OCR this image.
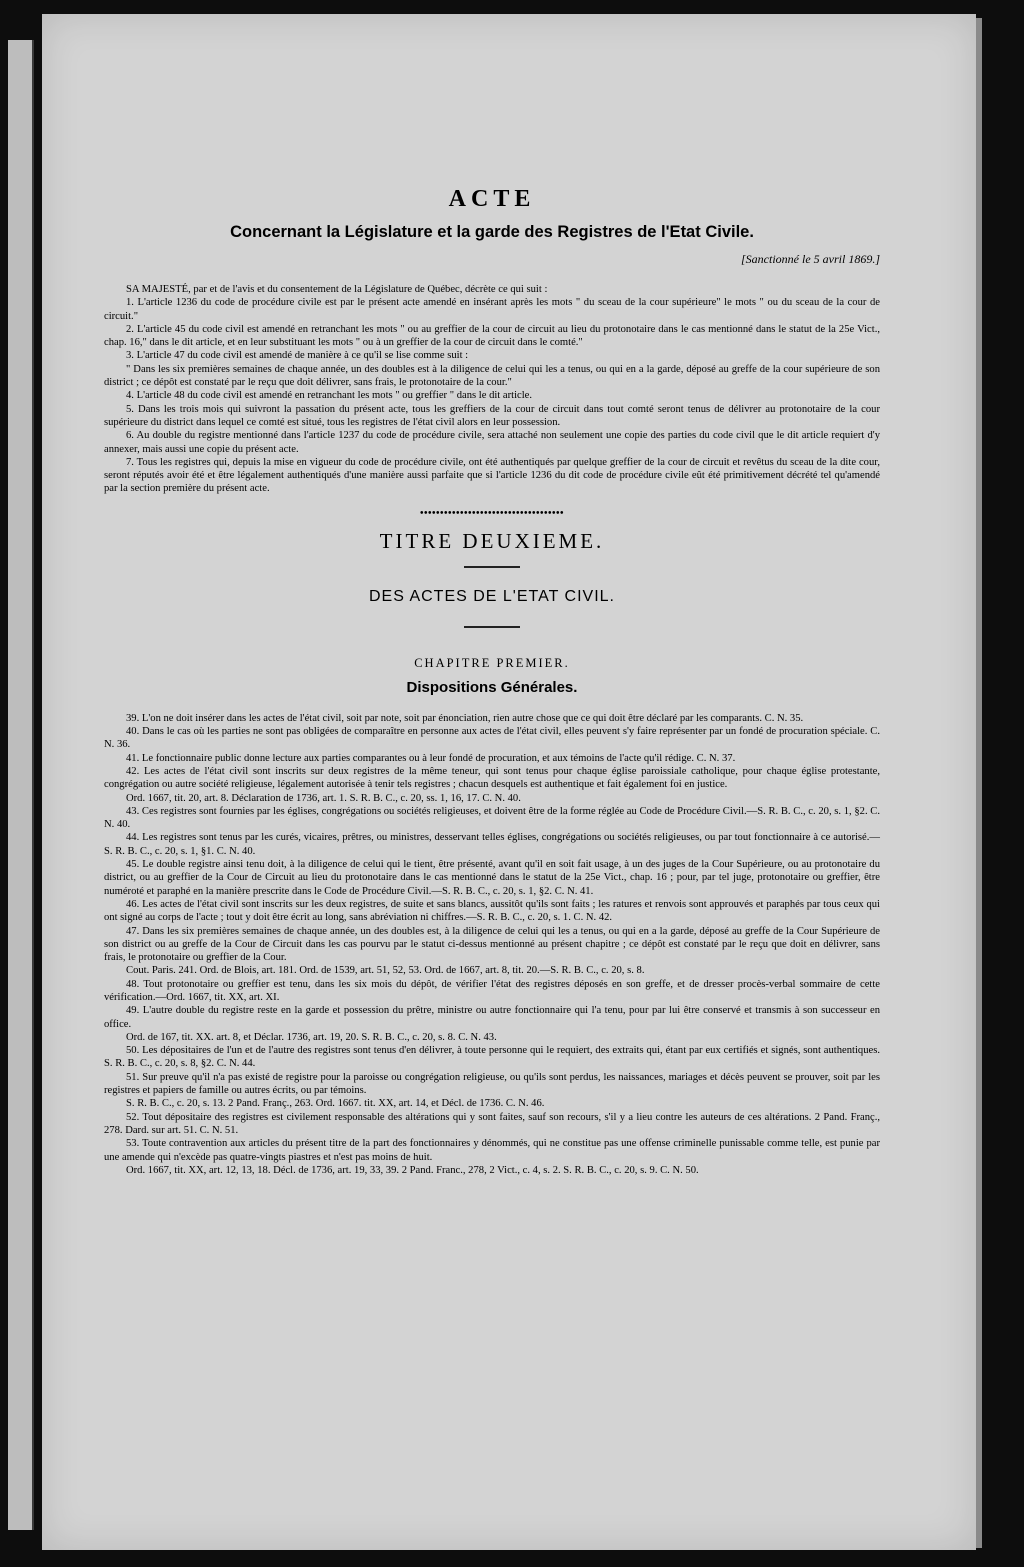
ACTE
Concernant la Législature et la garde des Registres de l'Etat Civile.
[Sanctionné le 5 avril 1869.]

SA MAJESTÉ, par et de l'avis et du consentement de la Législature de Québec, décrète ce qui suit :

1. L'article 1236 du code de procédure civile est par le présent acte amendé en insérant après les mots " du sceau de la cour supérieure" le mots " ou du sceau de la cour de circuit."

2. L'article 45 du code civil est amendé en retranchant les mots " ou au greffier de la cour de circuit au lieu du protonotaire dans le cas mentionné dans le statut de la 25e Vict., chap. 16," dans le dit article, et en leur substituant les mots " ou à un greffier de la cour de circuit dans le comté."

3. L'article 47 du code civil est amendé de manière à ce qu'il se lise comme suit :

" Dans les six premières semaines de chaque année, un des doubles est à la diligence de celui qui les a tenus, ou qui en a la garde, déposé au greffe de la cour supérieure de son district ; ce dépôt est constaté par le reçu que doit délivrer, sans frais, le protonotaire de la cour."

4. L'article 48 du code civil est amendé en retranchant les mots " ou greffier " dans le dit article.

5. Dans les trois mois qui suivront la passation du présent acte, tous les greffiers de la cour de circuit dans tout comté seront tenus de délivrer au protonotaire de la cour supérieure du district dans lequel ce comté est situé, tous les registres de l'état civil alors en leur possession.

6. Au double du registre mentionné dans l'article 1237 du code de procédure civile, sera attaché non seulement une copie des parties du code civil que le dit article requiert d'y annexer, mais aussi une copie du présent acte.

7. Tous les registres qui, depuis la mise en vigueur du code de procédure civile, ont été authentiqués par quelque greffier de la cour de circuit et revêtus du sceau de la dite cour, seront réputés avoir été et être légalement authentiqués d'une manière aussi parfaite que si l'article 1236 du dit code de procédure civile eût été primitivement décrété tel qu'amendé par la section première du présent acte.

••••••••••••••••••••••••••••••••••••
TITRE DEUXIEME.
DES ACTES DE L'ETAT CIVIL.
CHAPITRE PREMIER.
Dispositions Générales.

39. L'on ne doit insérer dans les actes de l'état civil, soit par note, soit par énonciation, rien autre chose que ce qui doit être déclaré par les comparants. C. N. 35.

40. Dans le cas où les parties ne sont pas obligées de comparaître en personne aux actes de l'état civil, elles peuvent s'y faire représenter par un fondé de procuration spéciale. C. N. 36.

41. Le fonctionnaire public donne lecture aux parties comparantes ou à leur fondé de procuration, et aux témoins de l'acte qu'il rédige. C. N. 37.

42. Les actes de l'état civil sont inscrits sur deux registres de la même teneur, qui sont tenus pour chaque église paroissiale catholique, pour chaque église protestante, congrégation ou autre société religieuse, légalement autorisée à tenir tels registres ; chacun desquels est authentique et fait également foi en justice.

Ord. 1667, tit. 20, art. 8. Déclaration de 1736, art. 1. S. R. B. C., c. 20, ss. 1, 16, 17. C. N. 40.

43. Ces registres sont fournies par les églises, congrégations ou sociétés religieuses, et doivent être de la forme réglée au Code de Procédure Civil.—S. R. B. C., c. 20, s. 1, §2. C. N. 40.

44. Les registres sont tenus par les curés, vicaires, prêtres, ou ministres, desservant telles églises, congrégations ou sociétés religieuses, ou par tout fonctionnaire à ce autorisé.—S. R. B. C., c. 20, s. 1, §1. C. N. 40.

45. Le double registre ainsi tenu doit, à la diligence de celui qui le tient, être présenté, avant qu'il en soit fait usage, à un des juges de la Cour Supérieure, ou au protonotaire du district, ou au greffier de la Cour de Circuit au lieu du protonotaire dans le cas mentionné dans le statut de la 25e Vict., chap. 16 ; pour, par tel juge, protonotaire ou greffier, être numéroté et paraphé en la manière prescrite dans le Code de Procédure Civil.—S. R. B. C., c. 20, s. 1, §2. C. N. 41.

46. Les actes de l'état civil sont inscrits sur les deux registres, de suite et sans blancs, aussitôt qu'ils sont faits ; les ratures et renvois sont approuvés et paraphés par tous ceux qui ont signé au corps de l'acte ; tout y doit être écrit au long, sans abréviation ni chiffres.—S. R. B. C., c. 20, s. 1. C. N. 42.

47. Dans les six premières semaines de chaque année, un des doubles est, à la diligence de celui qui les a tenus, ou qui en a la garde, déposé au greffe de la Cour Supérieure de son district ou au greffe de la Cour de Circuit dans les cas pourvu par le statut ci-dessus mentionné au présent chapitre ; ce dépôt est constaté par le reçu que doit en délivrer, sans frais, le protonotaire ou greffier de la Cour.

Cout. Paris. 241. Ord. de Blois, art. 181. Ord. de 1539, art. 51, 52, 53. Ord. de 1667, art. 8, tit. 20.—S. R. B. C., c. 20, s. 8.

48. Tout protonotaire ou greffier est tenu, dans les six mois du dépôt, de vérifier l'état des registres déposés en son greffe, et de dresser procès-verbal sommaire de cette vérification.—Ord. 1667, tit. XX, art. XI.

49. L'autre double du registre reste en la garde et possession du prêtre, ministre ou autre fonctionnaire qui l'a tenu, pour par lui être conservé et transmis à son successeur en office.

Ord. de 167, tit. XX. art. 8, et Déclar. 1736, art. 19, 20. S. R. B. C., c. 20, s. 8. C. N. 43.

50. Les dépositaires de l'un et de l'autre des registres sont tenus d'en délivrer, à toute personne qui le requiert, des extraits qui, étant par eux certifiés et signés, sont authentiques. S. R. B. C., c. 20, s. 8, §2. C. N. 44.

51. Sur preuve qu'il n'a pas existé de registre pour la paroisse ou congrégation religieuse, ou qu'ils sont perdus, les naissances, mariages et décès peuvent se prouver, soit par les registres et papiers de famille ou autres écrits, ou par témoins.

S. R. B. C., c. 20, s. 13. 2 Pand. Franç., 263. Ord. 1667. tit. XX, art. 14, et Décl. de 1736. C. N. 46.

52. Tout dépositaire des registres est civilement responsable des altérations qui y sont faites, sauf son recours, s'il y a lieu contre les auteurs de ces altérations. 2 Pand. Franç., 278. Dard. sur art. 51. C. N. 51.

53. Toute contravention aux articles du présent titre de la part des fonctionnaires y dénommés, qui ne constitue pas une offense criminelle punissable comme telle, est punie par une amende qui n'excède pas quatre-vingts piastres et n'est pas moins de huit.

Ord. 1667, tit. XX, art. 12, 13, 18. Décl. de 1736, art. 19, 33, 39. 2 Pand. Franc., 278, 2 Vict., c. 4, s. 2. S. R. B. C., c. 20, s. 9. C. N. 50.
